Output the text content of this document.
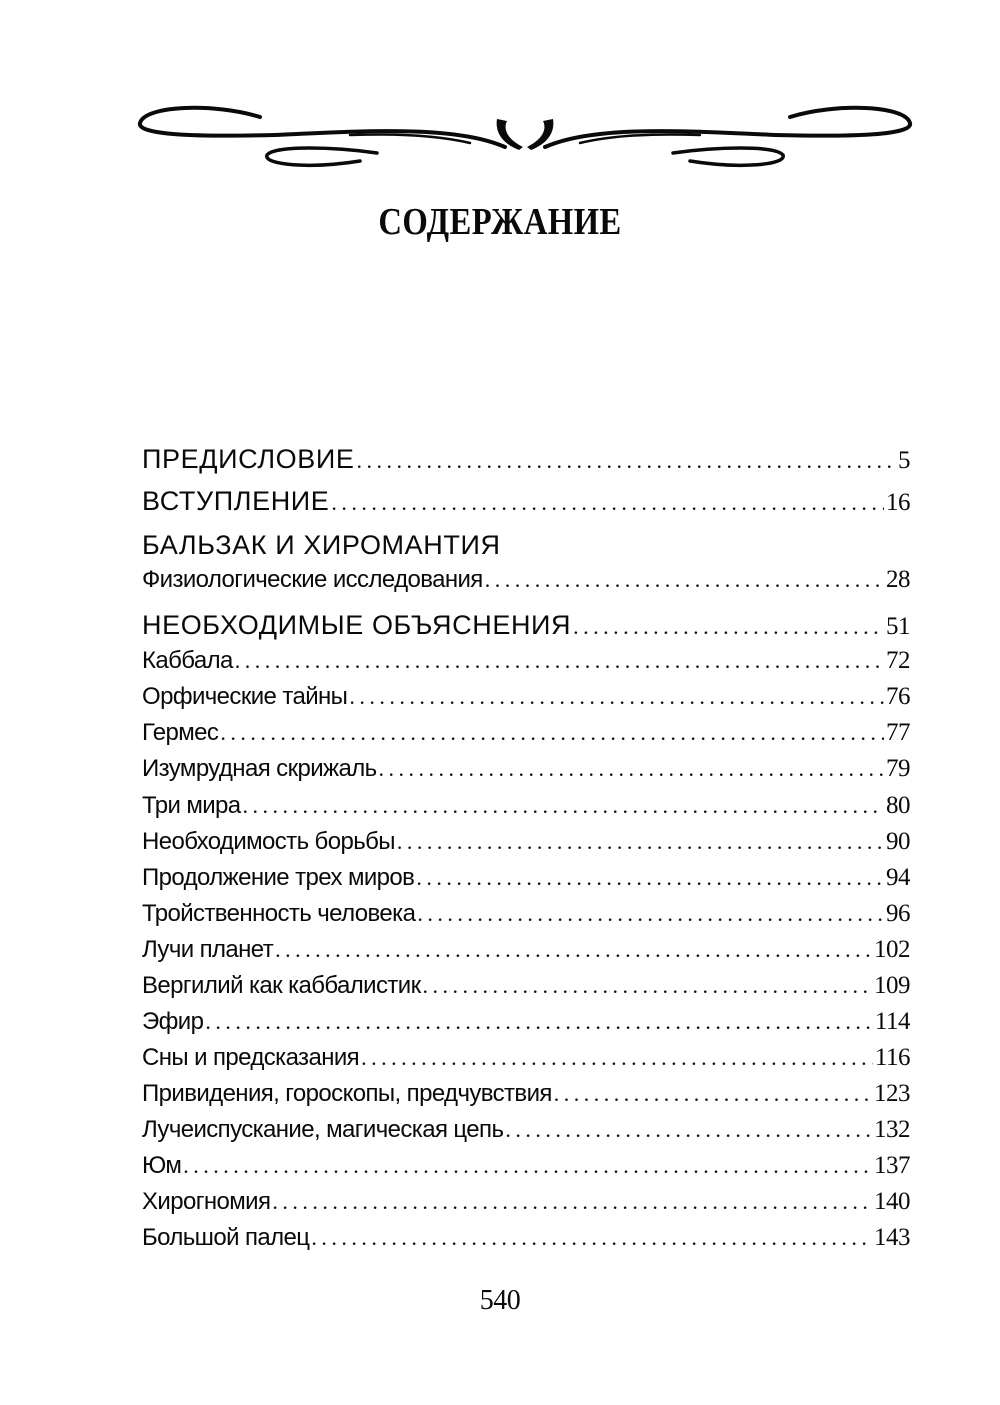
СОДЕРЖАНИЕ
ПРЕДИСЛОВИЕ . . .	5
ВСТУПЛЕНИЕ . . .	16
БАЛЬЗАК И ХИРОМАНТИЯ
Физиологические исследования . . .	28
НЕОБХОДИМЫЕ ОБЪЯСНЕНИЯ . . .	51
Каббала . . .	72
Орфические тайны . . .	76
Гермес . . .	77
Изумрудная скрижаль . . .	79
Три мира . . .	80
Необходимость борьбы . . .	90
Продолжение трех миров . . .	94
Тройственность человека . . .	96
Лучи планет . . .	102
Вергилий как каббалистик . . .	109
Эфир . . .	114
Сны и предсказания . . .	116
Привидения, гороскопы, предчувствия . . .	123
Лучеиспускание, магическая цепь . . .	132
Юм . . .	137
Хирогномия . . .	140
Большой палец . . .	143
540
